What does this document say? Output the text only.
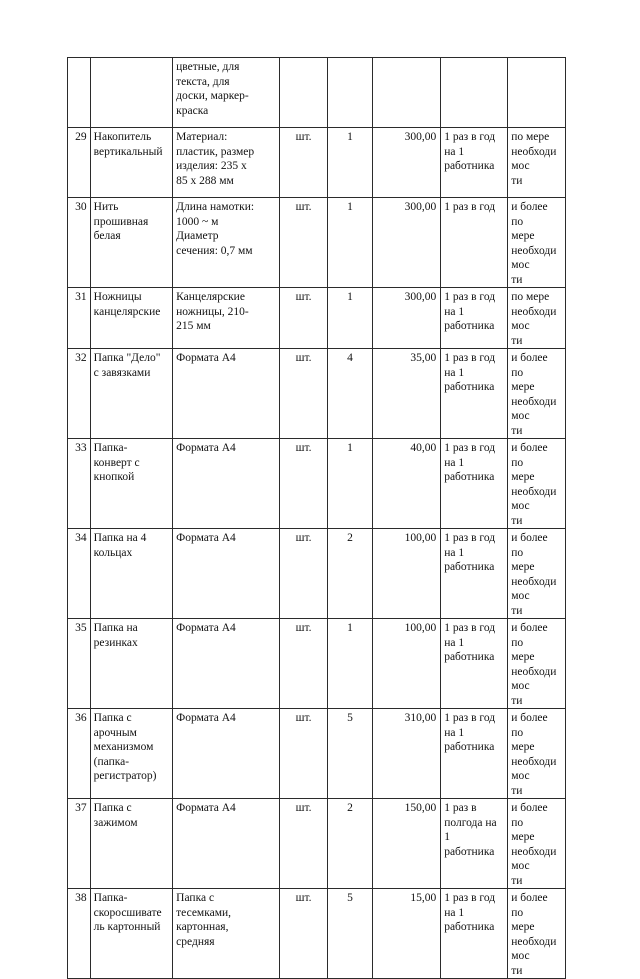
		цветные, для
текста, для
доски, маркер-
краска					
29	Накопитель
вертикальный	Материал:
пластик, размер
изделия: 235 х
85 х 288 мм	шт.	1	300,00	1 раз в год
на 1
работника	по мере
необходимос
ти
30	Нить
прошивная
белая	Длина намотки:
1000 ~ м
Диаметр
сечения: 0,7 мм	шт.	1	300,00	1 раз в год	и более по
мере
необходимос
ти
31	Ножницы
канцелярские	Канцелярские
ножницы, 210-
215 мм	шт.	1	300,00	1 раз в год
на 1
работника	по мере
необходимос
ти
32	Папка "Дело"
с завязками	Формата А4	шт.	4	35,00	1 раз в год
на 1
работника	и более по
мере
необходимос
ти
33	Папка-
конверт с
кнопкой	Формата А4	шт.	1	40,00	1 раз в год
на 1
работника	и более по
мере
необходимос
ти
34	Папка на 4
кольцах	Формата А4	шт.	2	100,00	1 раз в год
на 1
работника	и более по
мере
необходимос
ти
35	Папка на
резинках	Формата А4	шт.	1	100,00	1 раз в год
на 1
работника	и более по
мере
необходимос
ти
36	Папка с
арочным
механизмом
(папка-
регистратор)	Формата А4	шт.	5	310,00	1 раз в год
на 1
работника	и более по
мере
необходимос
ти
37	Папка с
зажимом	Формата А4	шт.	2	150,00	1 раз в
полгода на
1
работника	и более по
мере
необходимос
ти
38	Папка-
скоросшивате
ль картонный	Папка с
тесемками,
картонная,
средняя	шт.	5	15,00	1 раз в год
на 1
работника	и более по
мере
необходимос
ти
